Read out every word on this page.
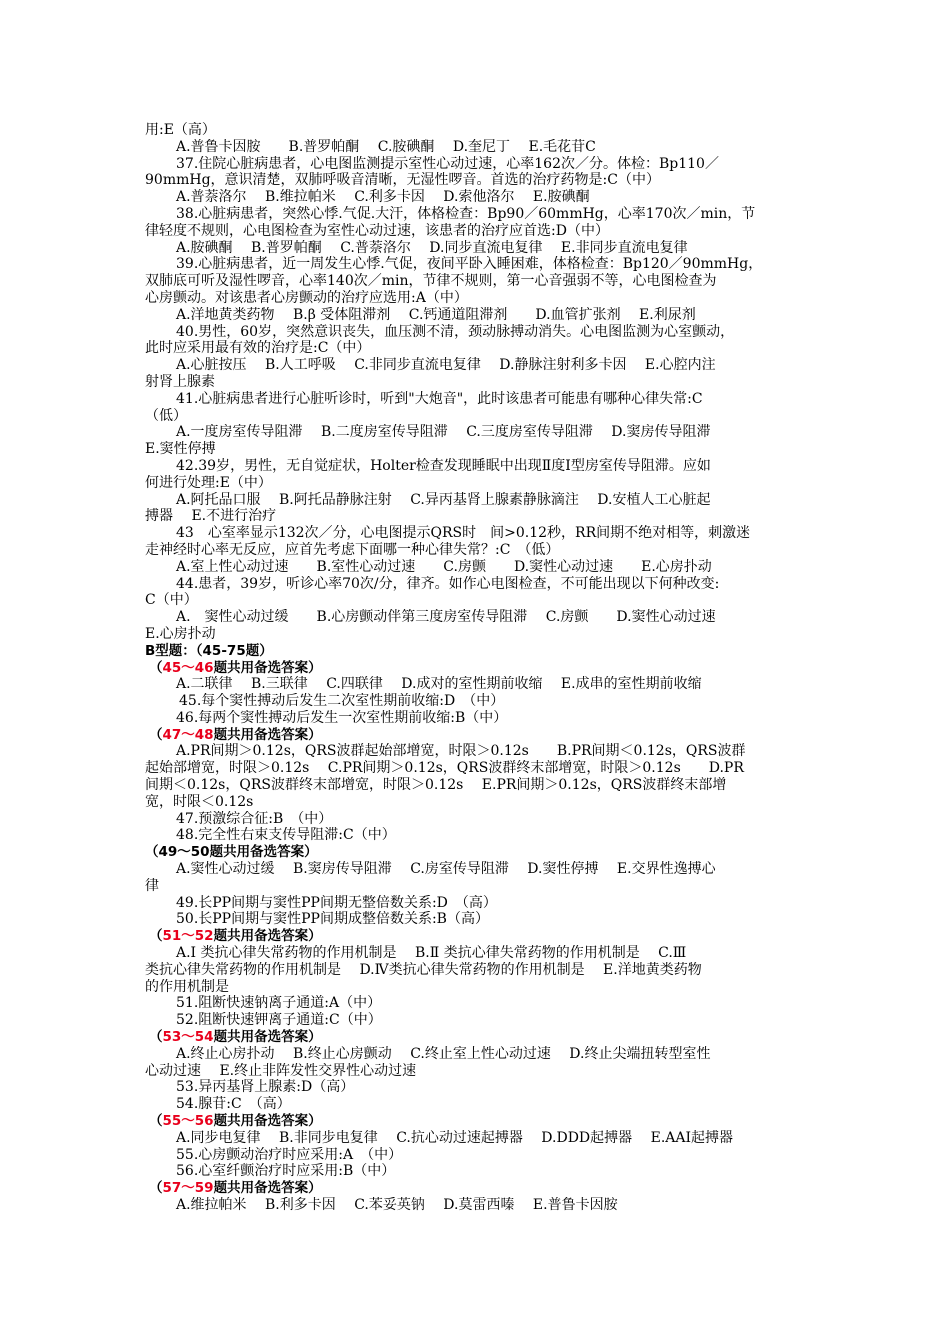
用:E（高）
A.普鲁卡因胺　　B.普罗帕酮　 C.胺碘酮　 D.奎尼丁　 E.毛花苷C
37.住院心脏病患者，心电图监测提示室性心动过速，心率162次／分。体检：Bp110／
90mmHg，意识清楚，双肺呼吸音清晰，无湿性啰音。首选的治疗药物是:C（中）
A.普萘洛尔　 B.维拉帕米　 C.利多卡因　 D.索他洛尔　 E.胺碘酮
38.心脏病患者，突然心悸.气促.大汗，体格检查：Bp90／60mmHg，心率170次／min，节
律轻度不规则，心电图检查为室性心动过速，该患者的治疗应首选:D（中）
A.胺碘酮　 B.普罗帕酮　 C.普萘洛尔　 D.同步直流电复律　 E.非同步直流电复律
39.心脏病患者，近一周发生心悸.气促，夜间平卧入睡困难，体格检查：Bp120／90mmHg，
双肺底可听及湿性啰音，心率140次／min，节律不规则，第一心音强弱不等，心电图检查为
心房颤动。对该患者心房颤动的治疗应选用:A（中）
A.洋地黄类药物　 B.β 受体阻滞剂　 C.钙通道阻滞剂　　D.血管扩张剂　 E.利尿剂
40.男性，60岁，突然意识丧失，血压测不清，颈动脉搏动消失。心电图监测为心室颤动，
此时应采用最有效的治疗是:C（中）
A.心脏按压　 B.人工呼吸　 C.非同步直流电复律　 D.静脉注射利多卡因　 E.心腔内注
射肾上腺素
41.心脏病患者进行心脏听诊时，听到"大炮音"，此时该患者可能患有哪种心律失常:C
（低）
A.一度房室传导阻滞　 B.二度房室传导阻滞　 C.三度房室传导阻滞　 D.窦房传导阻滞
E.窦性停搏
42.39岁，男性，无自觉症状，Holter检查发现睡眠中出现Ⅱ度Ⅰ型房室传导阻滞。应如
何进行处理:E（中）
A.阿托品口服　 B.阿托品静脉注射　 C.异丙基肾上腺素静脉滴注　 D.安植人工心脏起
搏器　 E.不进行治疗
43　心室率显示132次／分，心电图提示QRS时　间>0.12秒，RR间期不绝对相等，刺激迷
走神经时心率无反应，应首先考虑下面哪一种心律失常？:C　（低）
A.室上性心动过速　　B.室性心动过速　　C.房颤　　D.窦性心动过速　　E.心房扑动
44.患者，39岁，听诊心率70次/分，律齐。如作心电图检查，不可能出现以下何种改变:
C（中）
A.　窦性心动过缓　　B.心房颤动伴第三度房室传导阻滞　 C.房颤　　D.窦性心动过速
E.心房扑动
B型题：（45-75题）
（45～46题共用备选答案）
A.二联律　 B.三联律　 C.四联律　 D.成对的室性期前收缩　 E.成串的室性期前收缩
45.每个窦性搏动后发生二次室性期前收缩:D　（中）
46.每两个窦性搏动后发生一次室性期前收缩:B（中）
（47～48题共用备选答案）
A.PR间期＞0.12s，QRS波群起始部增宽，时限＞0.12s　　B.PR间期＜0.12s，QRS波群
起始部增宽，时限＞0.12s　 C.PR间期＞0.12s，QRS波群终末部增宽，时限＞0.12s　　D.PR
间期＜0.12s，QRS波群终末部增宽，时限＞0.12s　 E.PR间期＞0.12s，QRS波群终末部增
宽，时限＜0.12s
47.预激综合征:B　（中）
48.完全性右束支传导阻滞:C（中）
（49～50题共用备选答案）
A.窦性心动过缓　 B.窦房传导阻滞　 C.房室传导阻滞　 D.窦性停搏　 E.交界性逸搏心
律
49.长PP间期与窦性PP间期无整倍数关系:D　（高）
50.长PP间期与窦性PP间期成整倍数关系:B（高）
（51～52题共用备选答案）
A.Ⅰ 类抗心律失常药物的作用机制是　 B.Ⅱ 类抗心律失常药物的作用机制是　 C.Ⅲ
类抗心律失常药物的作用机制是　 D.Ⅳ类抗心律失常药物的作用机制是　 E.洋地黄类药物
的作用机制是
51.阻断快速钠离子通道:A（中）
52.阻断快速钾离子通道:C（中）
（53～54题共用备选答案）
A.终止心房扑动　 B.终止心房颤动　 C.终止室上性心动过速　 D.终止尖端扭转型室性
心动过速　 E.终止非阵发性交界性心动过速
53.异丙基肾上腺素:D（高）
54.腺苷:C　（高）
（55～56题共用备选答案）
A.同步电复律　 B.非同步电复律　 C.抗心动过速起搏器　 D.DDD起搏器　 E.AAI起搏器
55.心房颤动治疗时应采用:A　（中）
56.心室纤颤治疗时应采用:B（中）
（57～59题共用备选答案）
A.维拉帕米　 B.利多卡因　 C.苯妥英钠　 D.莫雷西嗪　 E.普鲁卡因胺
